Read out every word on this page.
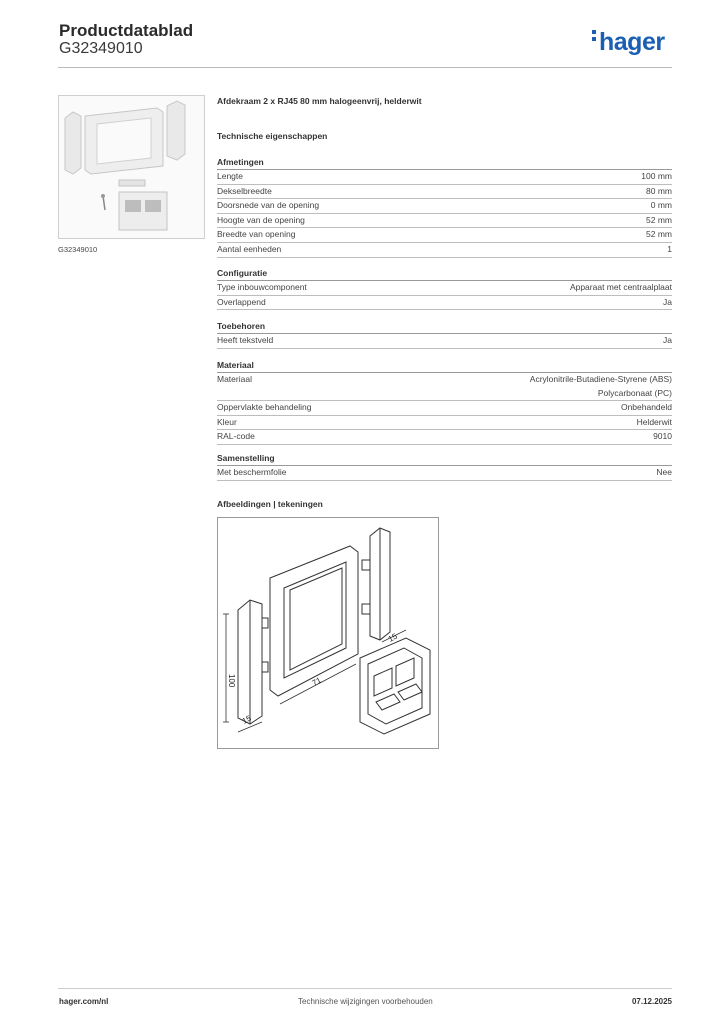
Productdatablad
G32349010	hager
G32349010
Afdekraam 2 x RJ45 80 mm halogeenvrij, helderwit
Technische eigenschappen
Afmetingen
Lengte	100 mm
Dekselbreedte	80 mm
Doorsnede van de opening	0 mm
Hoogte van de opening	52 mm
Breedte van opening	52 mm
Aantal eenheden	1
Configuratie
Type inbouwcomponent	Apparaat met centraalplaat
Overlappend	Ja
Toebehoren
Heeft tekstveld	Ja
Materiaal
Materiaal	Acrylonitrile-Butadiene-Styrene (ABS)
Polycarbonaat (PC)
Oppervlakte behandeling	Onbehandeld
Kleur	Helderwit
RAL-code	9010
Samenstelling
Met beschermfolie	Nee
Afbeeldingen | tekeningen
100	71
15
15
hager.com/nl	Technische wijzigingen voorbehouden	07.12.2025
